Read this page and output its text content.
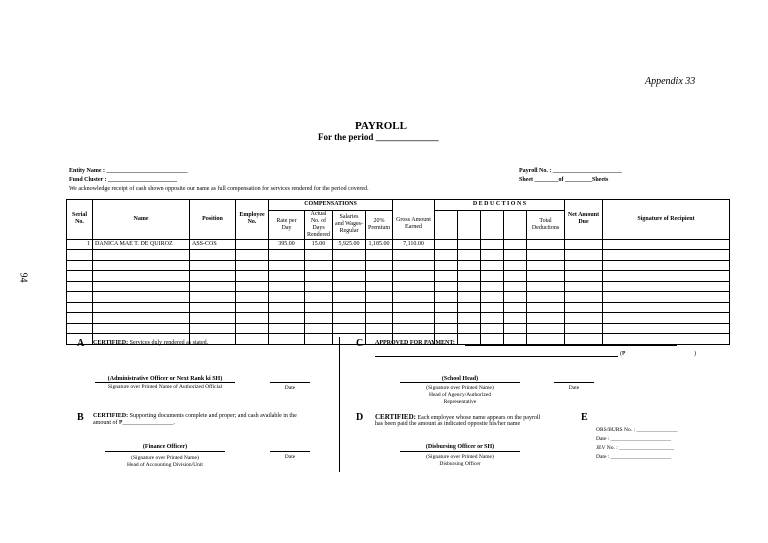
Appendix 33
PAYROLL
For the period ______________
Entity Name : ___________________________
Fund Cluster : _______________________
Payroll No. : _______________________
Sheet ________of _________Sheets
We acknowledge receipt of cash shown opposite our name as full compensation for services rendered for the period covered.
94
Serial No.	Name	Position	Employee No.	COMPENSATIONS					D E D U C T I O N S					Net Amount Due	Signature of Recipient
				Rate per Day	Actual No. of Days Rendered	Salaries and Wages- Regular	20% Premium	Gross Amount Earned					Total Deductions		
1	DANICA MAE T. DE QUIROZ	ASS-COS		395.00	15.00	5,925.00	1,185.00	7,110.00							

A CERTIFIED: Services duly rendered as stated.
(Administrative Officer or Next Rank ki SH)
Signature over Printed Name of Authorized Official	Date
C APPROVED FOR PAYMENT:
(₱	)
(School Head)
(Signature over Printed Name)
Head of Agency/Authorized
Representative
Date
B CERTIFIED: Supporting documents complete and proper; and cash available in the
amount of ₱_________________.
(Finance Officer)
(Signature over Printed Name)
Head of Accounting Division/Unit
Date
D CERTIFIED: Each employee whose name appears on the payroll
has been paid the amount as indicated opposite his/her name
(Disbursing Officer or SH)
(Signature over Printed Name)
Disbursing Officer
E
ORS/BURS No. : _______________
Date : ______________________
JEV No. : ____________________
Date : ______________________
